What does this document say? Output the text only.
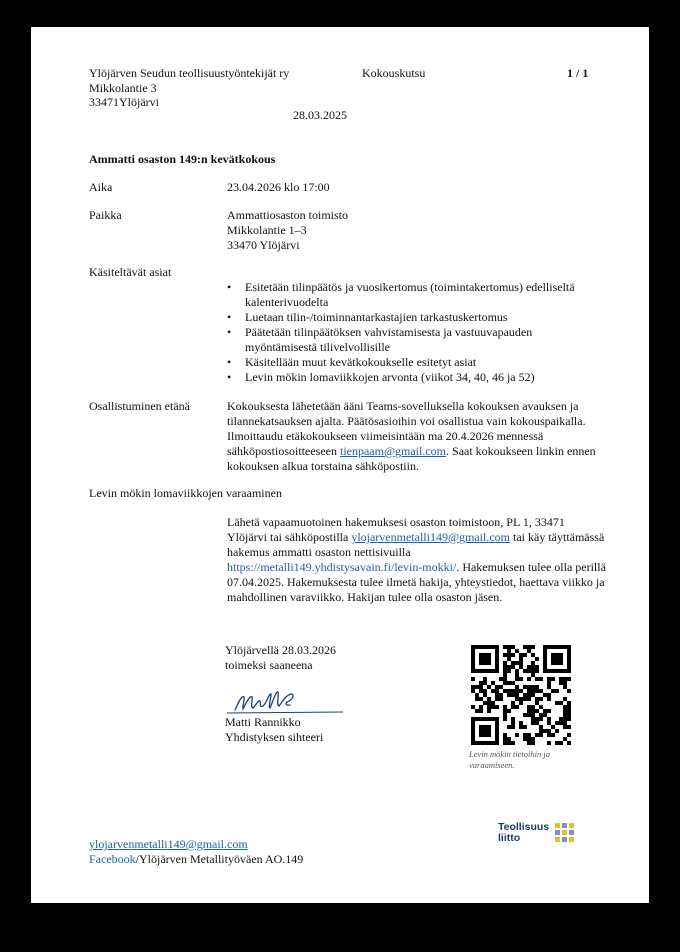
Ylöjärven Seudun teollisuustyöntekijät ry
Mikkolantie 3
33471Ylöjärvi
Kokouskutsu	1 / 1
28.03.2025
Ammatti osaston 149:n kevätkokous
Aika	23.04.2026 klo 17:00
Paikka	Ammattiosaston toimisto
Mikkolantie 1–3
33470 Ylöjärvi
Käsiteltävät asiat
• Esitetään tilinpäätös ja vuosikertomus (toimintakertomus) edelliseltä kalenterivuodelta
• Luetaan tilin-/toiminnantarkastajien tarkastuskertomus
• Päätetään tilinpäätöksen vahvistamisesta ja vastuuvapauden myöntämisestä tilivelvollisille
• Käsitellään muut kevätkokoukselle esitetyt asiat
• Levin mökin lomaviikkojen arvonta (viikot 34, 40, 46 ja 52)
Osallistuminen etänä	Kokouksesta lähetetään ääni Teams-sovelluksella kokouksen avauksen ja
tilannekatsauksen ajalta. Päätösasioihin voi osallistua vain kokouspaikalla.
Ilmoittaudu etäkokoukseen viimeisintään ma 20.4.2026 mennessä
sähköpostiosoitteeseen tienpaam@gmail.com. Saat kokoukseen linkin ennen
kokouksen alkua torstaina sähköpostiin.
Levin mökin lomaviikkojen varaaminen
Lähetä vapaamuotoinen hakemuksesi osaston toimistoon, PL 1, 33471
Ylöjärvi tai sähköpostilla ylojarvenmetalli149@gmail.com tai käy täyttämässä
hakemus ammatti osaston nettisivuilla
https://metalli149.yhdistysavain.fi/levin-mokki/. Hakemuksen tulee olla perillä
07.04.2025. Hakemuksesta tulee ilmetä hakija, yhteystiedot, haettava viikko ja
mahdollinen varaviikko. Hakijan tulee olla osaston jäsen.
Ylöjärvellä 28.03.2026
toimeksi saaneena
Matti Rannikko
Yhdistyksen sihteeri
Levin mökin tietoihin ja
varaamiseen.
Teollisuus
liitto
ylojarvenmetalli149@gmail.com
Facebook/Ylöjärven Metallityöväen AO.149
